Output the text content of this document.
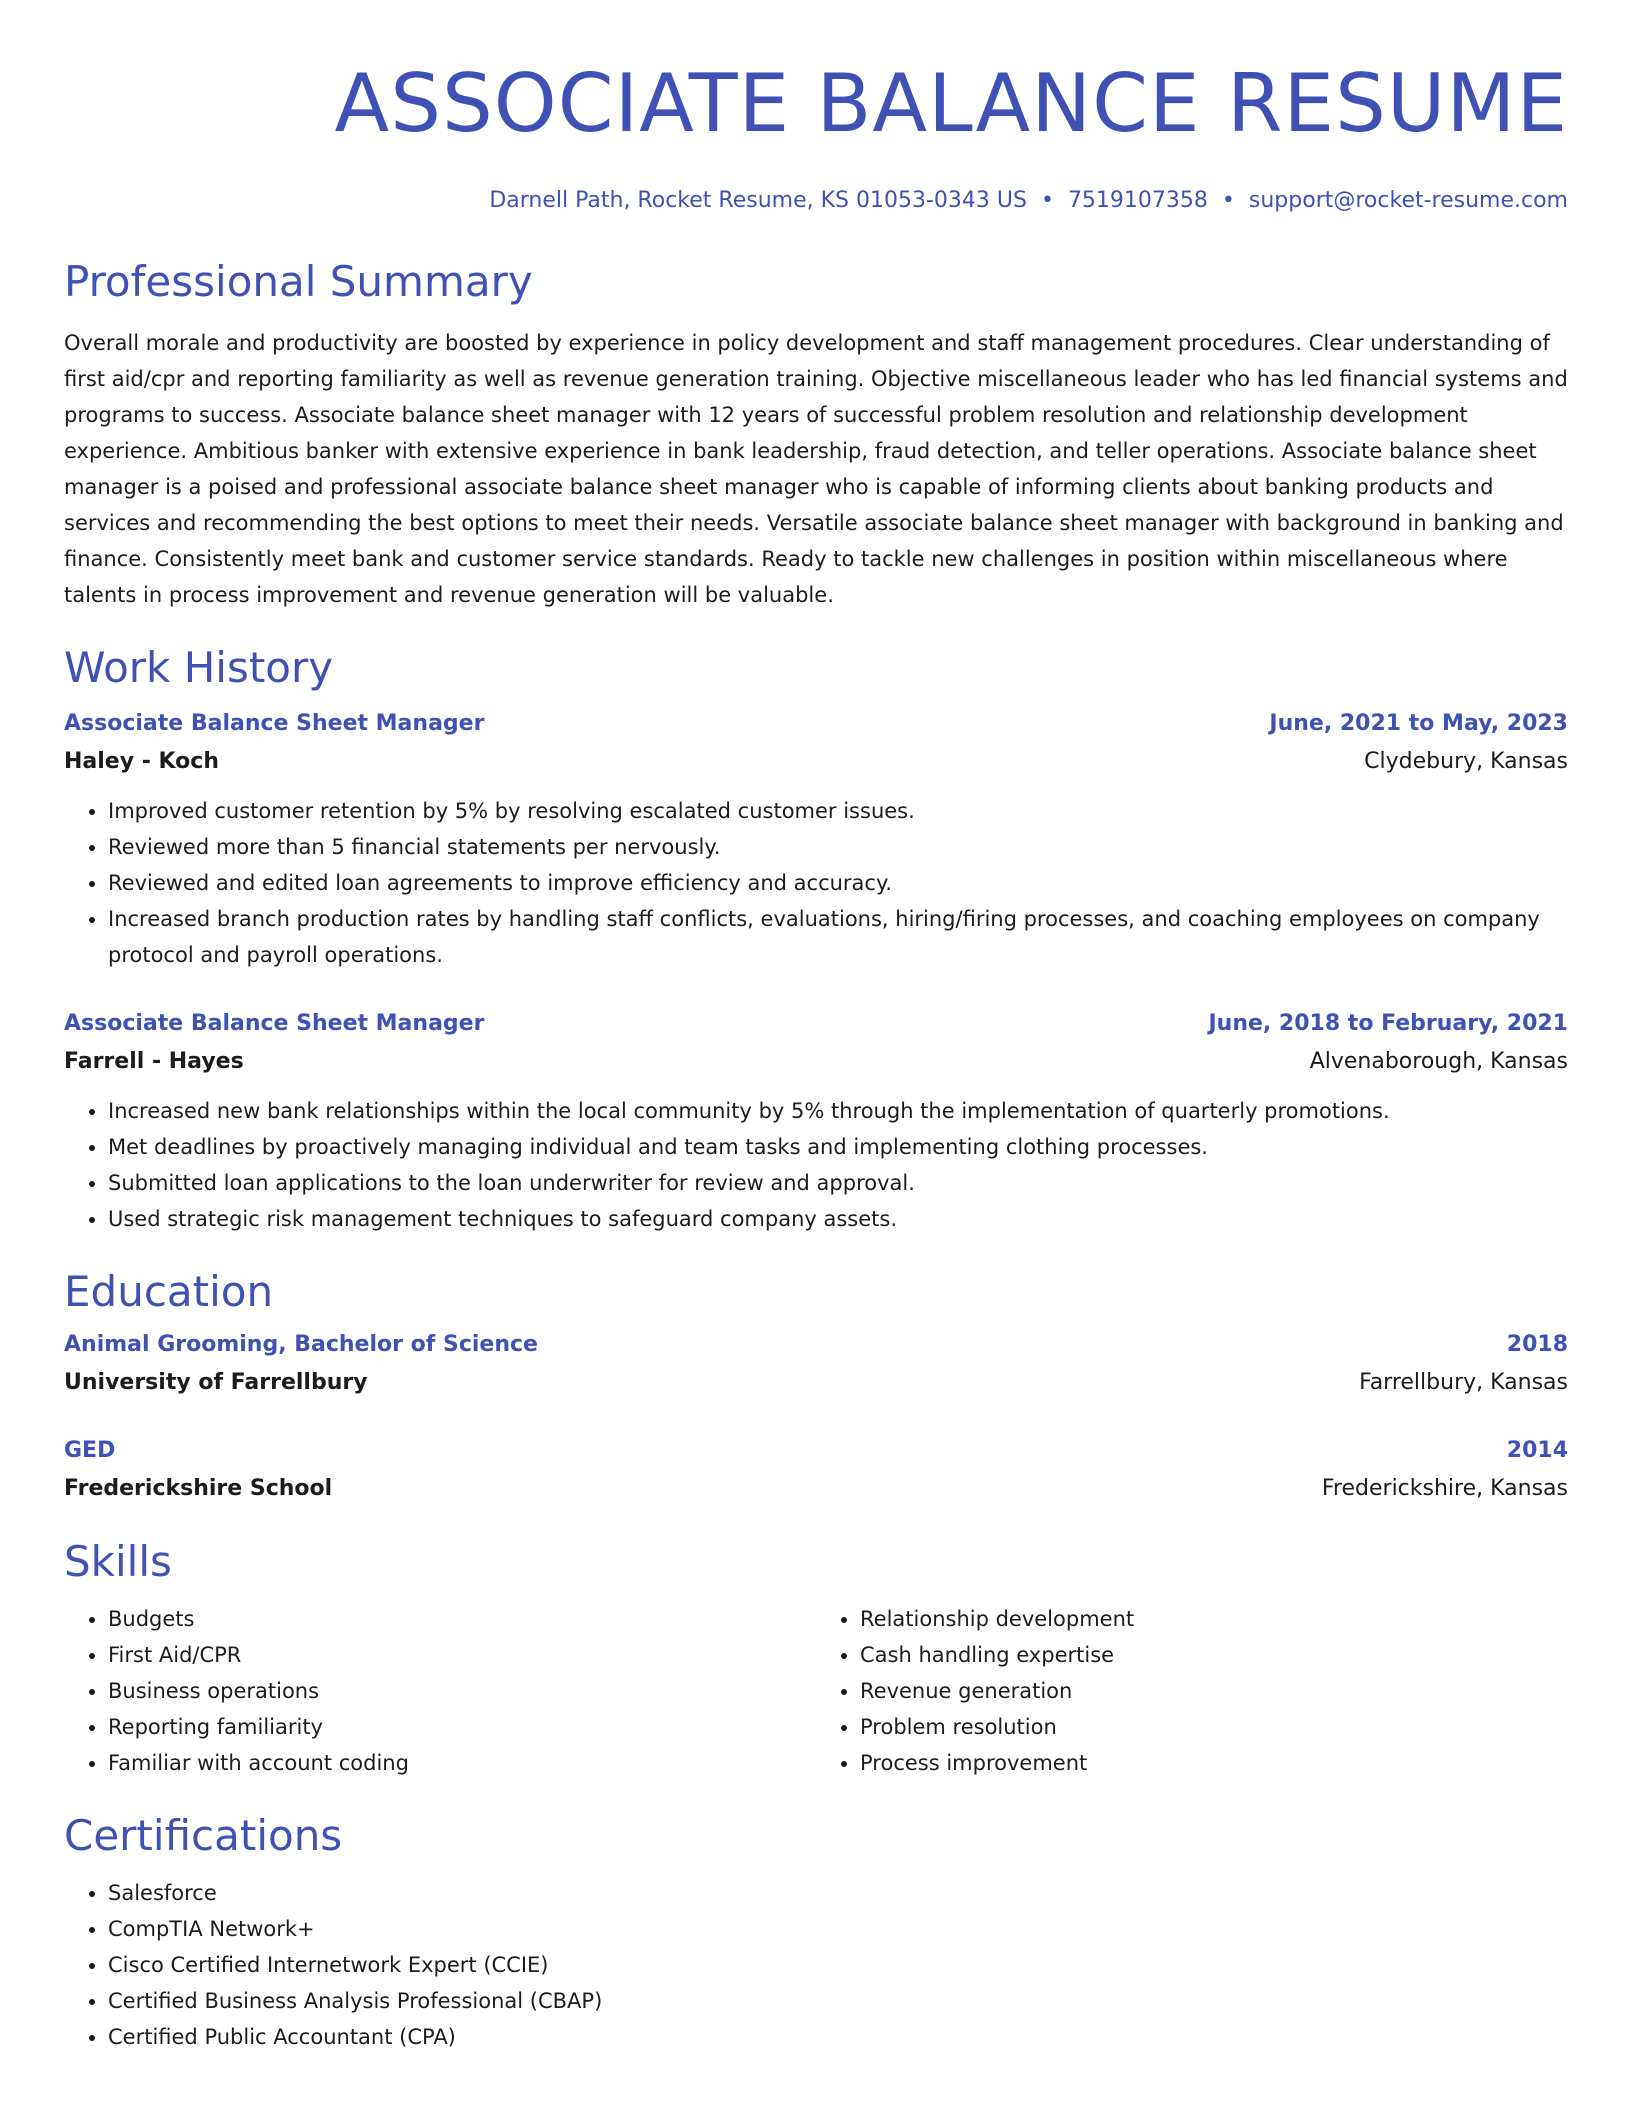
ASSOCIATE BALANCE RESUME
Darnell Path, Rocket Resume, KS 01053-0343 US • 7519107358 • support@rocket-resume.com
Professional Summary
Overall morale and productivity are boosted by experience in policy development and staff management procedures. Clear understanding of first aid/cpr and reporting familiarity as well as revenue generation training. Objective miscellaneous leader who has led financial systems and programs to success. Associate balance sheet manager with 12 years of successful problem resolution and relationship development experience. Ambitious banker with extensive experience in bank leadership, fraud detection, and teller operations. Associate balance sheet manager is a poised and professional associate balance sheet manager who is capable of informing clients about banking products and services and recommending the best options to meet their needs. Versatile associate balance sheet manager with background in banking and finance. Consistently meet bank and customer service standards. Ready to tackle new challenges in position within miscellaneous where talents in process improvement and revenue generation will be valuable.
Work History
Associate Balance Sheet Manager	June, 2021 to May, 2023
Haley - Koch	Clydebury, Kansas
• Improved customer retention by 5% by resolving escalated customer issues.
• Reviewed more than 5 financial statements per nervously.
• Reviewed and edited loan agreements to improve efficiency and accuracy.
• Increased branch production rates by handling staff conflicts, evaluations, hiring/firing processes, and coaching employees on company protocol and payroll operations.
Associate Balance Sheet Manager	June, 2018 to February, 2021
Farrell - Hayes	Alvenaborough, Kansas
• Increased new bank relationships within the local community by 5% through the implementation of quarterly promotions.
• Met deadlines by proactively managing individual and team tasks and implementing clothing processes.
• Submitted loan applications to the loan underwriter for review and approval.
• Used strategic risk management techniques to safeguard company assets.
Education
Animal Grooming, Bachelor of Science	2018
University of Farrellbury	Farrellbury, Kansas
GED	2014
Frederickshire School	Frederickshire, Kansas
Skills
• Budgets
• First Aid/CPR
• Business operations
• Reporting familiarity
• Familiar with account coding
• Relationship development
• Cash handling expertise
• Revenue generation
• Problem resolution
• Process improvement
Certifications
• Salesforce
• CompTIA Network+
• Cisco Certified Internetwork Expert (CCIE)
• Certified Business Analysis Professional (CBAP)
• Certified Public Accountant (CPA)
